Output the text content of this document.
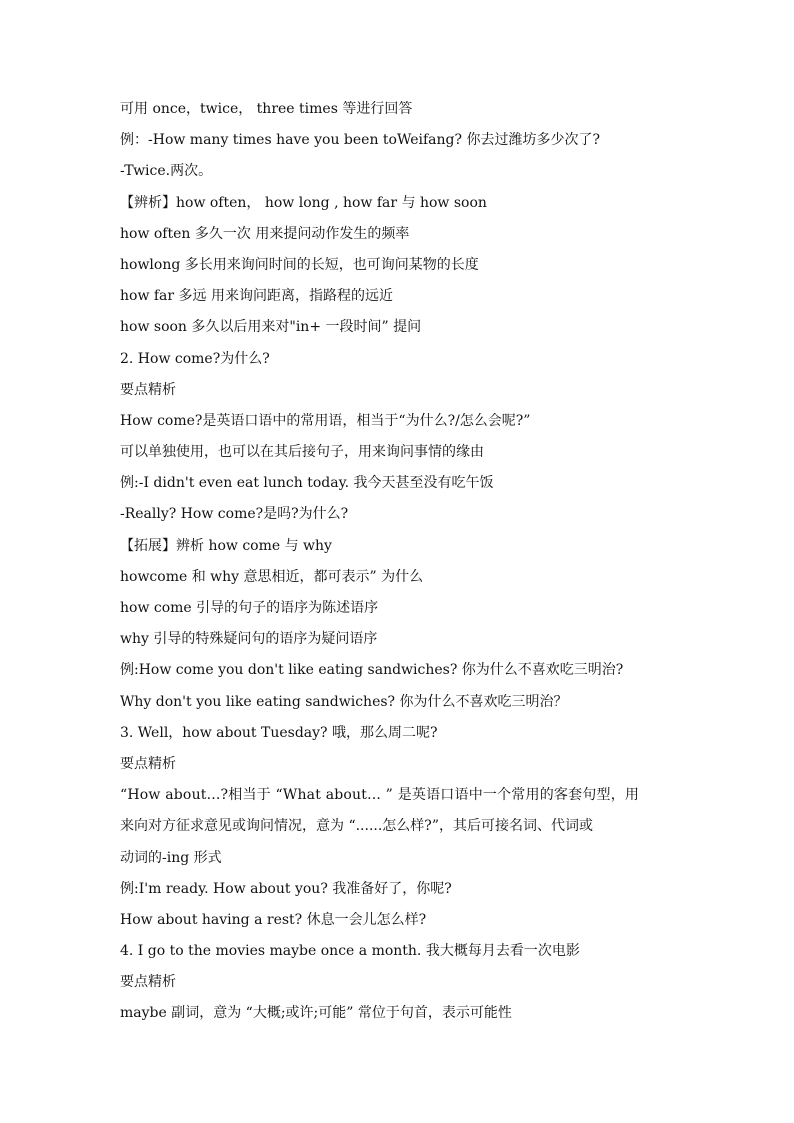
可用 once，twice， three times 等进行回答
例：-How many times have you been toWeifang? 你去过潍坊多少次了?
-Twice.两次。
【辨析】how often， how long , how far 与 how soon
how often 多久一次 用来提问动作发生的频率
howlong 多长用来询问时间的长短，也可询问某物的长度
how far 多远 用来询问距离，指路程的远近
how soon 多久以后用来对"in+ 一段时间” 提问
2. How come?为什么?
要点精析
How come?是英语口语中的常用语，相当于“为什么?/怎么会呢?”
可以单独使用，也可以在其后接句子，用来询问事情的缘由
例:-I didn't even eat lunch today. 我今天甚至没有吃午饭
-Really? How come?是吗?为什么?
【拓展】辨析 how come 与 why
howcome 和 why 意思相近，都可表示” 为什么
how come 引导的句子的语序为陈述语序
why 引导的特殊疑问句的语序为疑问语序
例:How come you don't like eating sandwiches? 你为什么不喜欢吃三明治?
Why don't you like eating sandwiches? 你为什么不喜欢吃三明治？
3. Well，how about Tuesday? 哦，那么周二呢?
要点精析
“How about...?相当于 “What about... ” 是英语口语中一个常用的客套句型，用
来向对方征求意见或询问情况，意为 “......怎么样?”，其后可接名词、代词或
动词的-ing 形式
例:I'm ready. How about you? 我准备好了，你呢?
How about having a rest? 休息一会儿怎么样?
4. I go to the movies maybe once a month. 我大概每月去看一次电影
要点精析
maybe 副词，意为 “大概;或许;可能” 常位于句首，表示可能性
